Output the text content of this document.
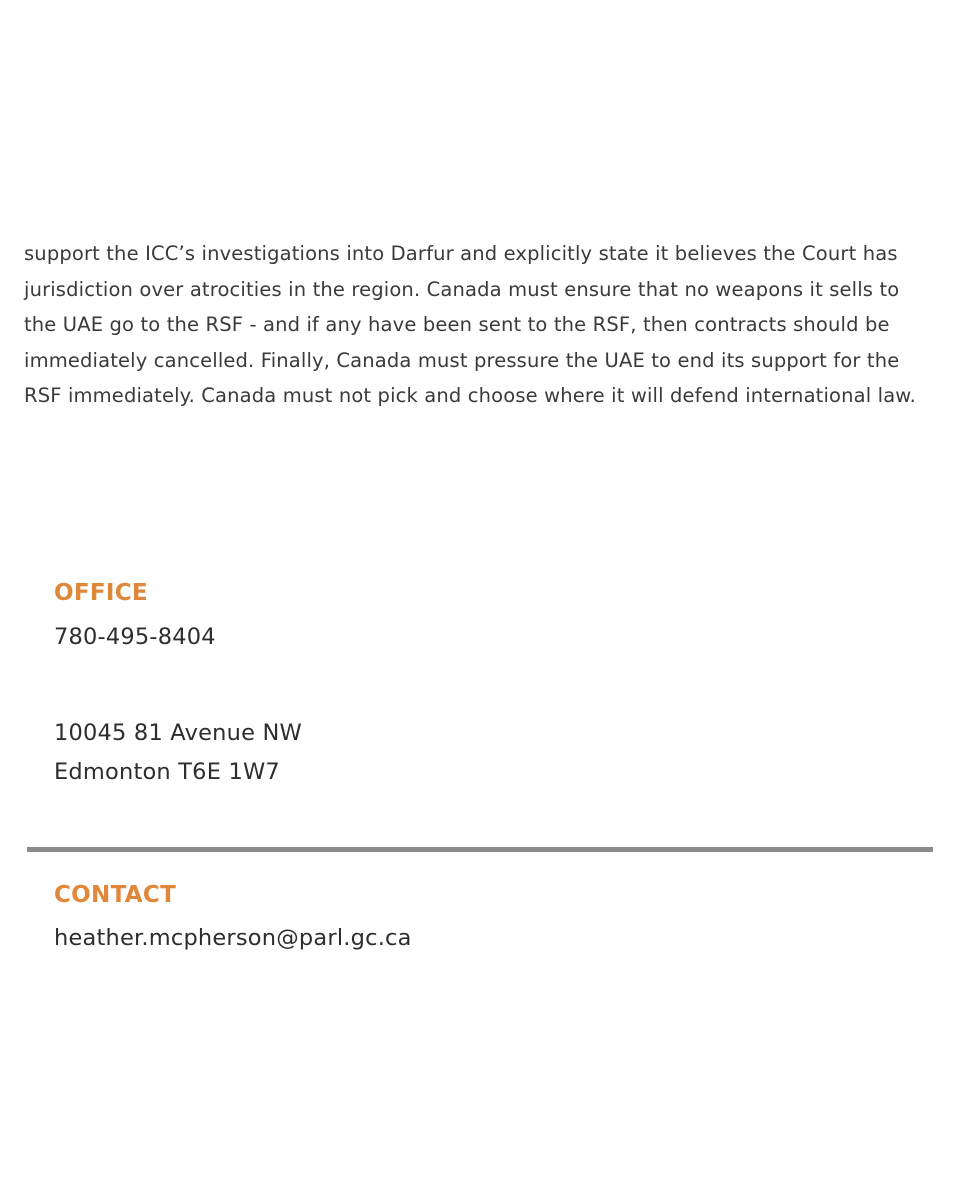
support the ICC’s investigations into Darfur and explicitly state it believes the Court has jurisdiction over atrocities in the region. Canada must ensure that no weapons it sells to the UAE go to the RSF - and if any have been sent to the RSF, then contracts should be immediately cancelled. Finally, Canada must pressure the UAE to end its support for the RSF immediately. Canada must not pick and choose where it will defend international law.

OFFICE

780-495-8404

10045 81 Avenue NW

Edmonton T6E 1W7

CONTACT

heather.mcpherson@parl.gc.ca
